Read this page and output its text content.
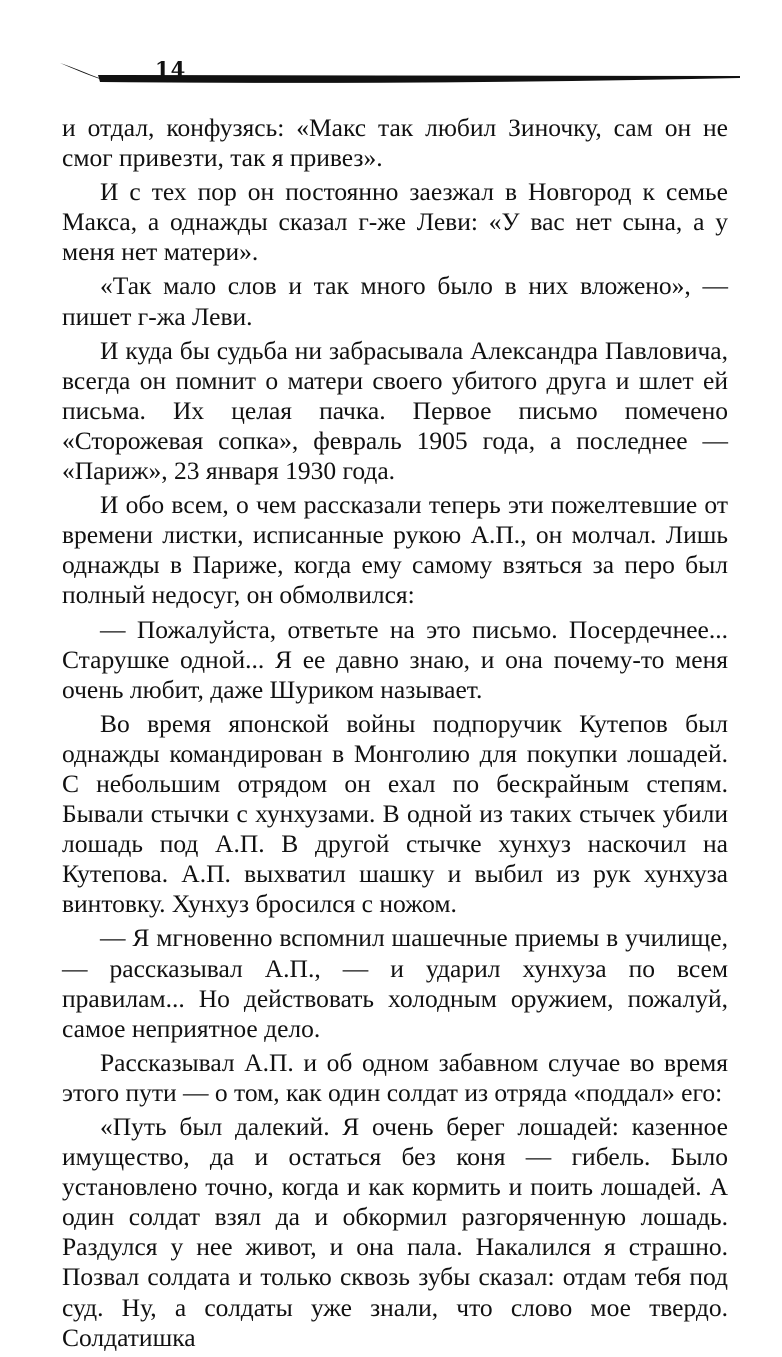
14

и отдал, конфузясь: «Макс так любил Зиночку, сам он не смог привезти, так я привез».

И с тех пор он постоянно заезжал в Новгород к семье Макса, а однажды сказал г-же Леви: «У вас нет сына, а у меня нет матери».

«Так мало слов и так много было в них вложено», — пишет г-жа Леви.

И куда бы судьба ни забрасывала Александра Павловича, всегда он помнит о матери своего убитого друга и шлет ей письма. Их целая пачка. Первое письмо помечено «Сторожевая сопка», февраль 1905 года, а последнее — «Париж», 23 января 1930 года.

И обо всем, о чем рассказали теперь эти пожелтевшие от времени листки, исписанные рукою А.П., он молчал. Лишь однажды в Париже, когда ему самому взяться за перо был полный недосуг, он обмолвился:

— Пожалуйста, ответьте на это письмо. Посердечнее... Старушке одной... Я ее давно знаю, и она почему-то меня очень любит, даже Шуриком называет.

Во время японской войны подпоручик Кутепов был однажды командирован в Монголию для покупки лошадей. С небольшим отрядом он ехал по бескрайным степям. Бывали стычки с хунхузами. В одной из таких стычек убили лошадь под А.П. В другой стычке хунхуз наскочил на Кутепова. А.П. выхватил шашку и выбил из рук хунхуза винтовку. Хунхуз бросился с ножом.

— Я мгновенно вспомнил шашечные приемы в училище, — рассказывал А.П., — и ударил хунхуза по всем правилам... Но действовать холодным оружием, пожалуй, самое неприятное дело.

Рассказывал А.П. и об одном забавном случае во время этого пути — о том, как один солдат из отряда «поддал» его:

«Путь был далекий. Я очень берег лошадей: казенное имущество, да и остаться без коня — гибель. Было установлено точно, когда и как кормить и поить лошадей. А один солдат взял да и обкормил разгоряченную лошадь. Раздулся у нее живот, и она пала. Накалился я страшно. Позвал солдата и только сквозь зубы сказал: отдам тебя под суд. Ну, а солдаты уже знали, что слово мое твердо. Солдатишка
